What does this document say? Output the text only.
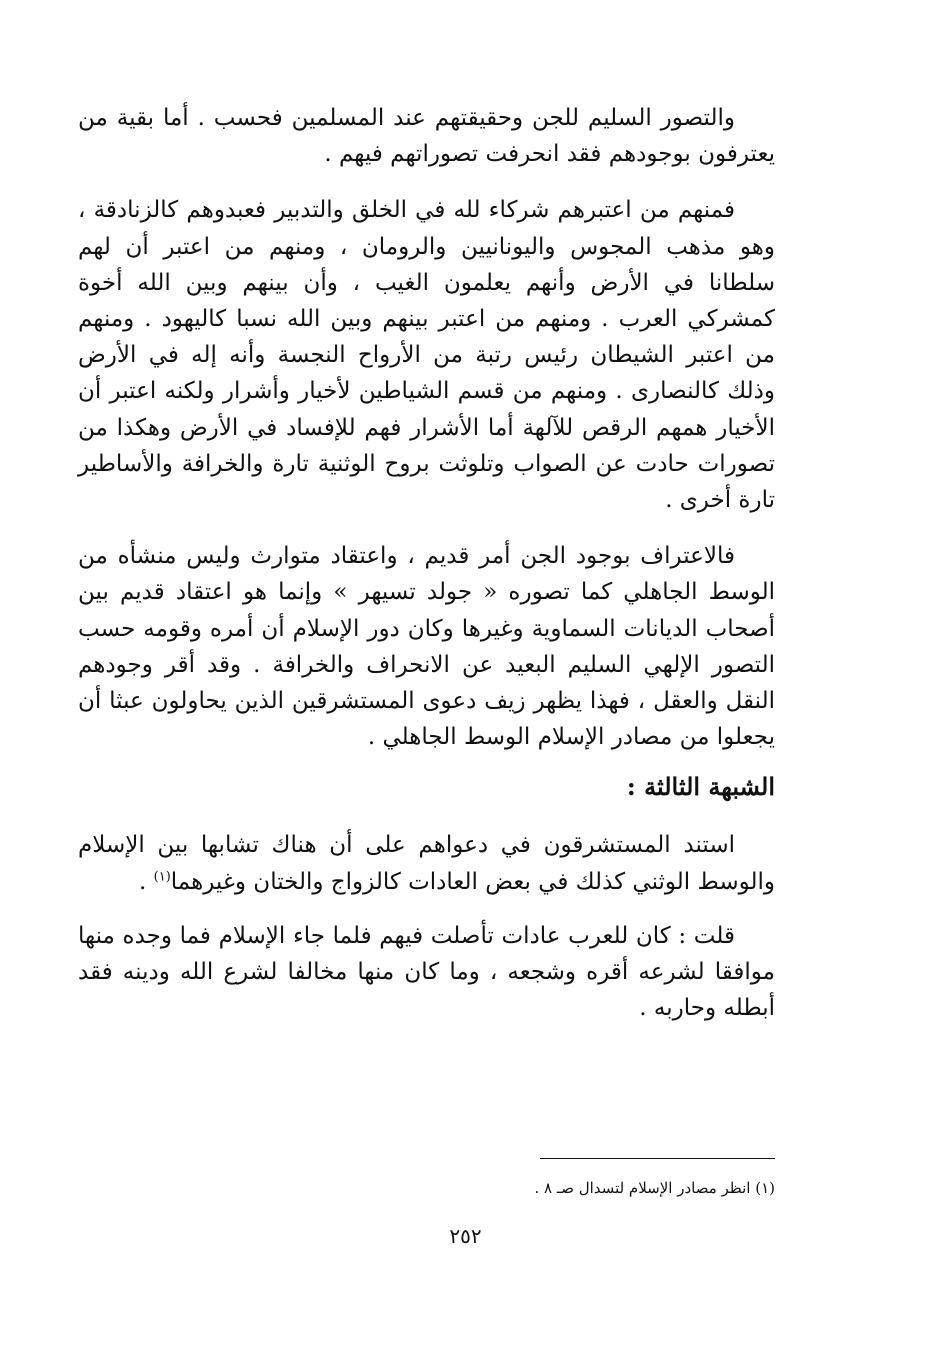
والتصور السليم للجن وحقيقتهم عند المسلمين فحسب . أما بقية من يعترفون بوجودهم فقد انحرفت تصوراتهم فيهم .

فمنهم من اعتبرهم شركاء لله في الخلق والتدبير فعبدوهم كالزنادقة ، وهو مذهب المجوس واليونانيين والرومان ، ومنهم من اعتبر أن لهم سلطانا في الأرض وأنهم يعلمون الغيب ، وأن بينهم وبين الله أخوة كمشركي العرب . ومنهم من اعتبر بينهم وبين الله نسبا كاليهود . ومنهم من اعتبر الشيطان رئيس رتبة من الأرواح النجسة وأنه إله في الأرض وذلك كالنصارى . ومنهم من قسم الشياطين لأخيار وأشرار ولكنه اعتبر أن الأخيار همهم الرقص للآلهة أما الأشرار فهم للإفساد في الأرض وهكذا من تصورات حادت عن الصواب وتلوثت بروح الوثنية تارة والخرافة والأساطير تارة أخرى .

فالاعتراف بوجود الجن أمر قديم ، واعتقاد متوارث وليس منشأه من الوسط الجاهلي كما تصوره « جولد تسيهر » وإنما هو اعتقاد قديم بين أصحاب الديانات السماوية وغيرها وكان دور الإسلام أن أمره وقومه حسب التصور الإلهي السليم البعيد عن الانحراف والخرافة . وقد أقر وجودهم النقل والعقل ، فهذا يظهر زيف دعوى المستشرقين الذين يحاولون عبثا أن يجعلوا من مصادر الإسلام الوسط الجاهلي .

الشبهة الثالثة :

استند المستشرقون في دعواهم على أن هناك تشابها بين الإسلام والوسط الوثني كذلك في بعض العادات كالزواج والختان وغيرهما$^{(١)}$ .

قلت : كان للعرب عادات تأصلت فيهم فلما جاء الإسلام فما وجده منها موافقا لشرعه أقره وشجعه ، وما كان منها مخالفا لشرع الله ودينه فقد أبطله وحاربه .

(١) انظر مصادر الإسلام لتسدال صـ ٨ .
٢٥٢
